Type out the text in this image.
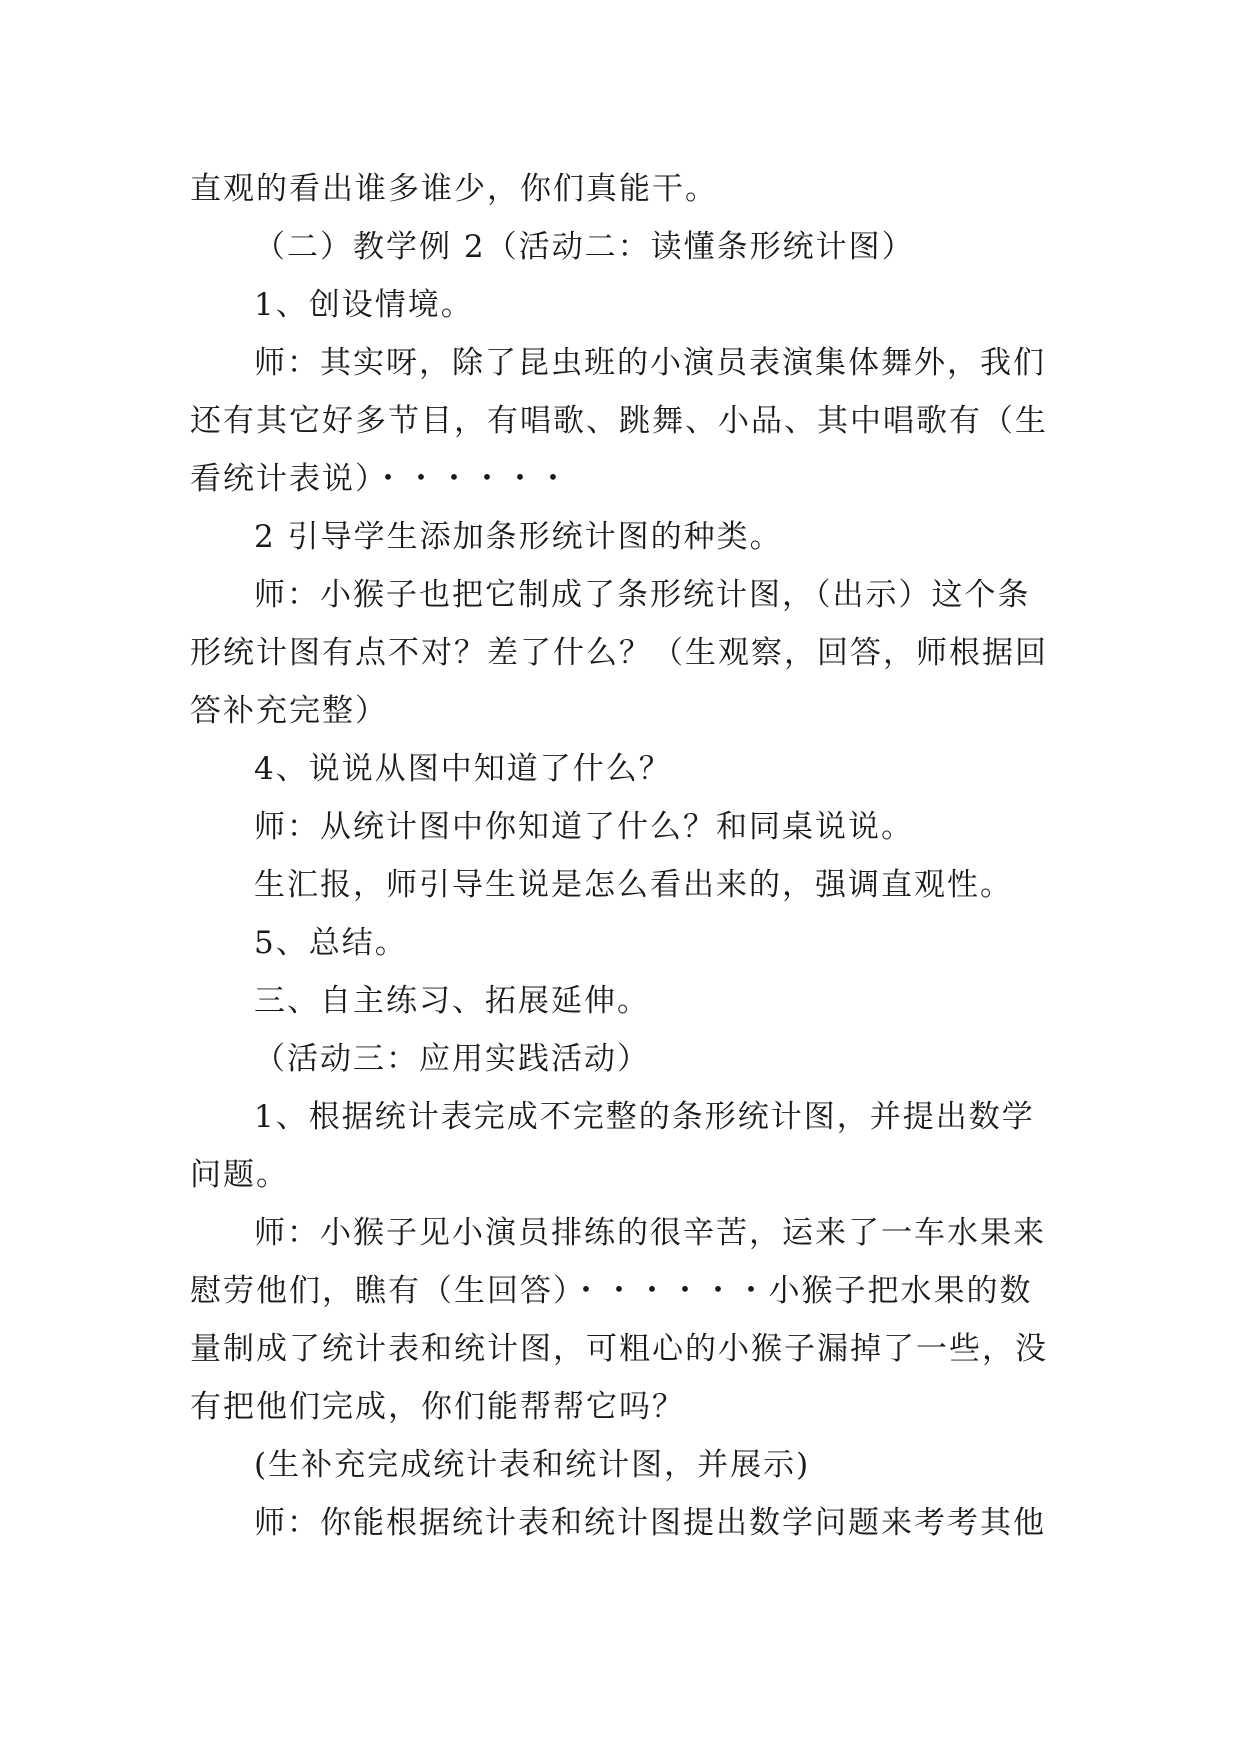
直观的看出谁多谁少，你们真能干。
（二）教学例 2（活动二：读懂条形统计图）
1、创设情境。
师：其实呀，除了昆虫班的小演员表演集体舞外，我们
还有其它好多节目，有唱歌、跳舞、小品、其中唱歌有（生
看统计表说）・・・・・・
2 引导学生添加条形统计图的种类。
师：小猴子也把它制成了条形统计图，（出示）这个条
形统计图有点不对？差了什么？（生观察，回答，师根据回
答补充完整）
4、说说从图中知道了什么？
师：从统计图中你知道了什么？和同桌说说。
生汇报，师引导生说是怎么看出来的，强调直观性。
5、总结。
三、自主练习、拓展延伸。
（活动三：应用实践活动）
1、根据统计表完成不完整的条形统计图，并提出数学
问题。
师：小猴子见小演员排练的很辛苦，运来了一车水果来
慰劳他们，瞧有（生回答）・・・・・・小猴子把水果的数
量制成了统计表和统计图，可粗心的小猴子漏掉了一些，没
有把他们完成，你们能帮帮它吗？
(生补充完成统计表和统计图，并展示)
师：你能根据统计表和统计图提出数学问题来考考其他
